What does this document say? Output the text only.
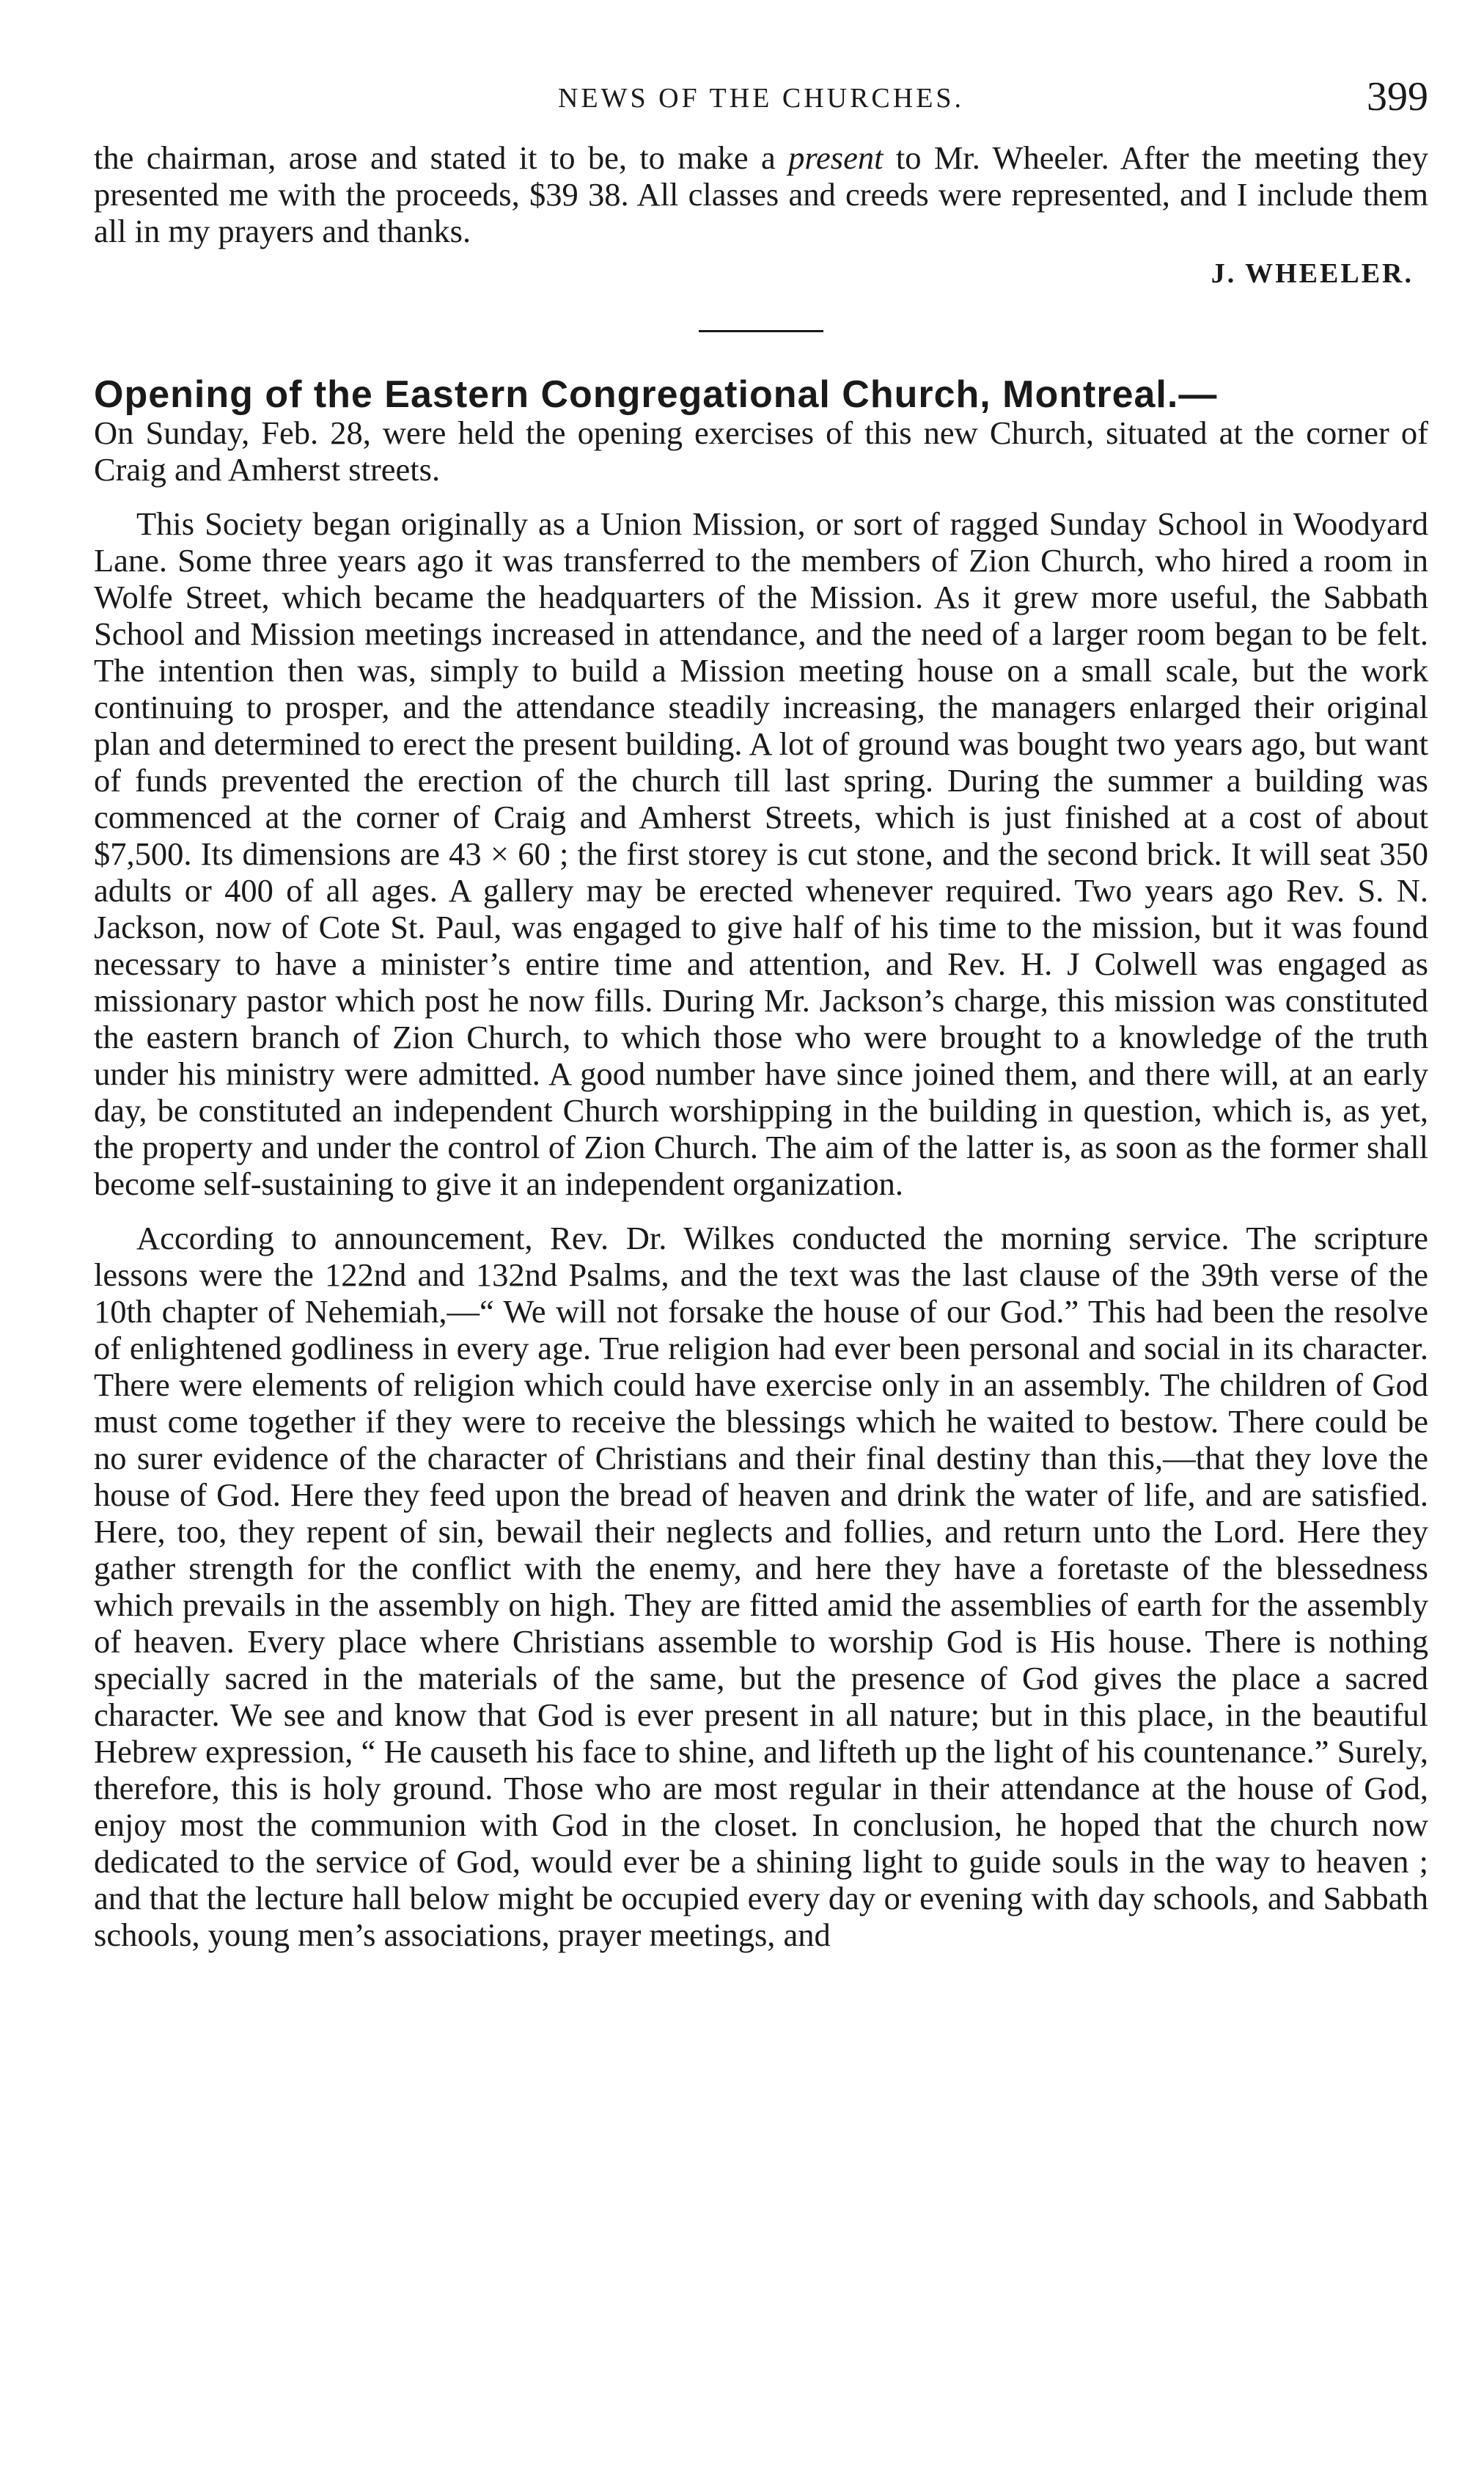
NEWS OF THE CHURCHES.	399

the chairman, arose and stated it to be, to make a present to Mr. Wheeler. After the meeting they presented me with the proceeds, $39 38. All classes and creeds were represented, and I include them all in my prayers and thanks.

J. WHEELER.
Opening of the Eastern Congregational Church, Montreal.—

On Sunday, Feb. 28, were held the opening exercises of this new Church, situated at the corner of Craig and Amherst streets.

This Society began originally as a Union Mission, or sort of ragged Sunday School in Woodyard Lane. Some three years ago it was transferred to the members of Zion Church, who hired a room in Wolfe Street, which became the headquarters of the Mission. As it grew more useful, the Sabbath School and Mission meetings increased in attendance, and the need of a larger room began to be felt. The intention then was, simply to build a Mission meeting house on a small scale, but the work continuing to prosper, and the attendance steadily increasing, the managers enlarged their original plan and determined to erect the present building. A lot of ground was bought two years ago, but want of funds prevented the erection of the church till last spring. During the summer a building was commenced at the corner of Craig and Amherst Streets, which is just finished at a cost of about $7,500. Its dimensions are 43 × 60 ; the first storey is cut stone, and the second brick. It will seat 350 adults or 400 of all ages. A gallery may be erected whenever required. Two years ago Rev. S. N. Jackson, now of Cote St. Paul, was engaged to give half of his time to the mission, but it was found necessary to have a minister’s entire time and attention, and Rev. H. J Colwell was engaged as missionary pastor which post he now fills. During Mr. Jackson’s charge, this mission was constituted the eastern branch of Zion Church, to which those who were brought to a knowledge of the truth under his ministry were admitted. A good number have since joined them, and there will, at an early day, be constituted an independent Church worshipping in the building in question, which is, as yet, the property and under the control of Zion Church. The aim of the latter is, as soon as the former shall become self-sustaining to give it an independent organization.

According to announcement, Rev. Dr. Wilkes conducted the morning service. The scripture lessons were the 122nd and 132nd Psalms, and the text was the last clause of the 39th verse of the 10th chapter of Nehemiah,—“ We will not forsake the house of our God.” This had been the resolve of enlightened godliness in every age. True religion had ever been personal and social in its character. There were elements of religion which could have exercise only in an assembly. The children of God must come together if they were to receive the blessings which he waited to bestow. There could be no surer evidence of the character of Christians and their final destiny than this,—that they love the house of God. Here they feed upon the bread of heaven and drink the water of life, and are satisfied. Here, too, they repent of sin, bewail their neglects and follies, and return unto the Lord. Here they gather strength for the conflict with the enemy, and here they have a foretaste of the blessedness which prevails in the assembly on high. They are fitted amid the assemblies of earth for the assembly of heaven. Every place where Christians assemble to worship God is His house. There is nothing specially sacred in the materials of the same, but the presence of God gives the place a sacred character. We see and know that God is ever present in all nature; but in this place, in the beautiful Hebrew expression, “ He causeth his face to shine, and lifteth up the light of his countenance.” Surely, therefore, this is holy ground. Those who are most regular in their attendance at the house of God, enjoy most the communion with God in the closet. In conclusion, he hoped that the church now dedicated to the service of God, would ever be a shining light to guide souls in the way to heaven ; and that the lecture hall below might be occupied every day or evening with day schools, and Sabbath schools, young men’s associations, prayer meetings, and
